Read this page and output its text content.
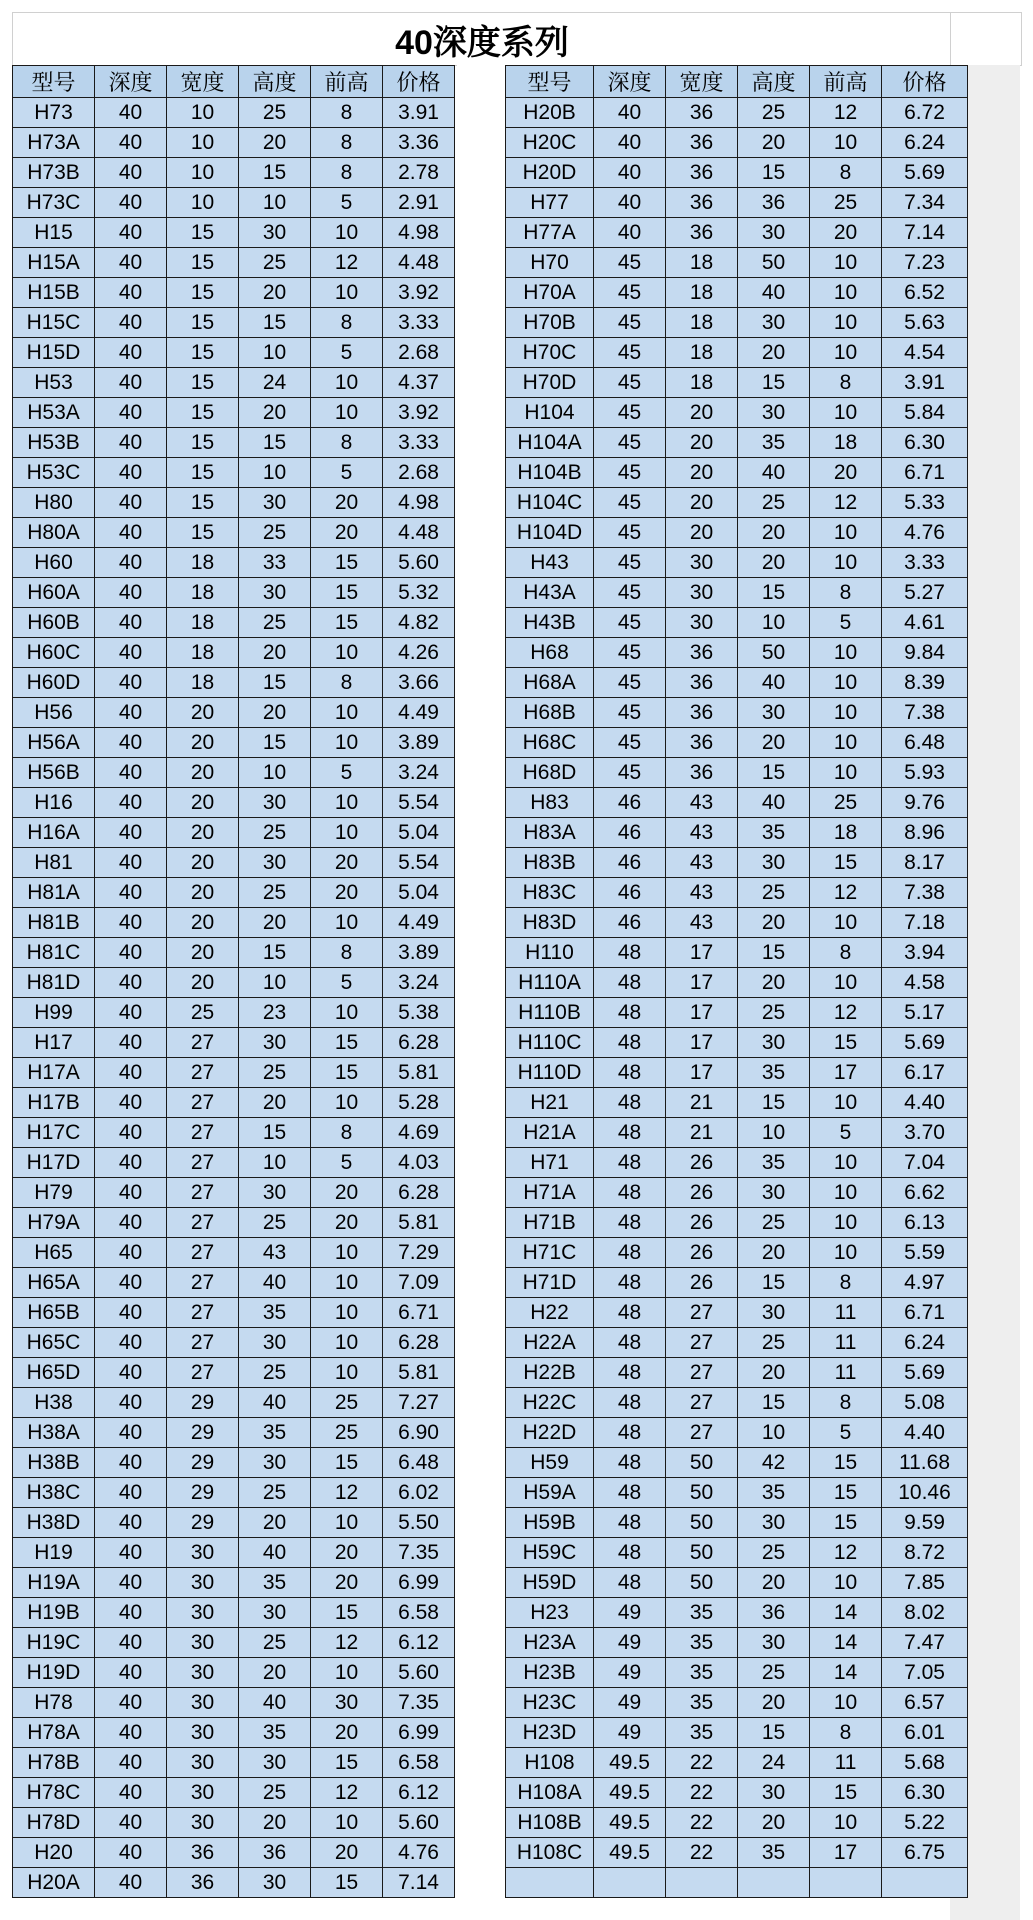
40深度系列
型号	深度	宽度	高度	前高	价格
H73	40	10	25	8	3.91
H73A	40	10	20	8	3.36
H73B	40	10	15	8	2.78
H73C	40	10	10	5	2.91
H15	40	15	30	10	4.98
H15A	40	15	25	12	4.48
H15B	40	15	20	10	3.92
H15C	40	15	15	8	3.33
H15D	40	15	10	5	2.68
H53	40	15	24	10	4.37
H53A	40	15	20	10	3.92
H53B	40	15	15	8	3.33
H53C	40	15	10	5	2.68
H80	40	15	30	20	4.98
H80A	40	15	25	20	4.48
H60	40	18	33	15	5.60
H60A	40	18	30	15	5.32
H60B	40	18	25	15	4.82
H60C	40	18	20	10	4.26
H60D	40	18	15	8	3.66
H56	40	20	20	10	4.49
H56A	40	20	15	10	3.89
H56B	40	20	10	5	3.24
H16	40	20	30	10	5.54
H16A	40	20	25	10	5.04
H81	40	20	30	20	5.54
H81A	40	20	25	20	5.04
H81B	40	20	20	10	4.49
H81C	40	20	15	8	3.89
H81D	40	20	10	5	3.24
H99	40	25	23	10	5.38
H17	40	27	30	15	6.28
H17A	40	27	25	15	5.81
H17B	40	27	20	10	5.28
H17C	40	27	15	8	4.69
H17D	40	27	10	5	4.03
H79	40	27	30	20	6.28
H79A	40	27	25	20	5.81
H65	40	27	43	10	7.29
H65A	40	27	40	10	7.09
H65B	40	27	35	10	6.71
H65C	40	27	30	10	6.28
H65D	40	27	25	10	5.81
H38	40	29	40	25	7.27
H38A	40	29	35	25	6.90
H38B	40	29	30	15	6.48
H38C	40	29	25	12	6.02
H38D	40	29	20	10	5.50
H19	40	30	40	20	7.35
H19A	40	30	35	20	6.99
H19B	40	30	30	15	6.58
H19C	40	30	25	12	6.12
H19D	40	30	20	10	5.60
H78	40	30	40	30	7.35
H78A	40	30	35	20	6.99
H78B	40	30	30	15	6.58
H78C	40	30	25	12	6.12
H78D	40	30	20	10	5.60
H20	40	36	36	20	4.76
H20A	40	36	30	15	7.14
型号	深度	宽度	高度	前高	价格
H20B	40	36	25	12	6.72
H20C	40	36	20	10	6.24
H20D	40	36	15	8	5.69
H77	40	36	36	25	7.34
H77A	40	36	30	20	7.14
H70	45	18	50	10	7.23
H70A	45	18	40	10	6.52
H70B	45	18	30	10	5.63
H70C	45	18	20	10	4.54
H70D	45	18	15	8	3.91
H104	45	20	30	10	5.84
H104A	45	20	35	18	6.30
H104B	45	20	40	20	6.71
H104C	45	20	25	12	5.33
H104D	45	20	20	10	4.76
H43	45	30	20	10	3.33
H43A	45	30	15	8	5.27
H43B	45	30	10	5	4.61
H68	45	36	50	10	9.84
H68A	45	36	40	10	8.39
H68B	45	36	30	10	7.38
H68C	45	36	20	10	6.48
H68D	45	36	15	10	5.93
H83	46	43	40	25	9.76
H83A	46	43	35	18	8.96
H83B	46	43	30	15	8.17
H83C	46	43	25	12	7.38
H83D	46	43	20	10	7.18
H110	48	17	15	8	3.94
H110A	48	17	20	10	4.58
H110B	48	17	25	12	5.17
H110C	48	17	30	15	5.69
H110D	48	17	35	17	6.17
H21	48	21	15	10	4.40
H21A	48	21	10	5	3.70
H71	48	26	35	10	7.04
H71A	48	26	30	10	6.62
H71B	48	26	25	10	6.13
H71C	48	26	20	10	5.59
H71D	48	26	15	8	4.97
H22	48	27	30	11	6.71
H22A	48	27	25	11	6.24
H22B	48	27	20	11	5.69
H22C	48	27	15	8	5.08
H22D	48	27	10	5	4.40
H59	48	50	42	15	11.68
H59A	48	50	35	15	10.46
H59B	48	50	30	15	9.59
H59C	48	50	25	12	8.72
H59D	48	50	20	10	7.85
H23	49	35	36	14	8.02
H23A	49	35	30	14	7.47
H23B	49	35	25	14	7.05
H23C	49	35	20	10	6.57
H23D	49	35	15	8	6.01
H108	49.5	22	24	11	5.68
H108A	49.5	22	30	15	6.30
H108B	49.5	22	20	10	5.22
H108C	49.5	22	35	17	6.75
